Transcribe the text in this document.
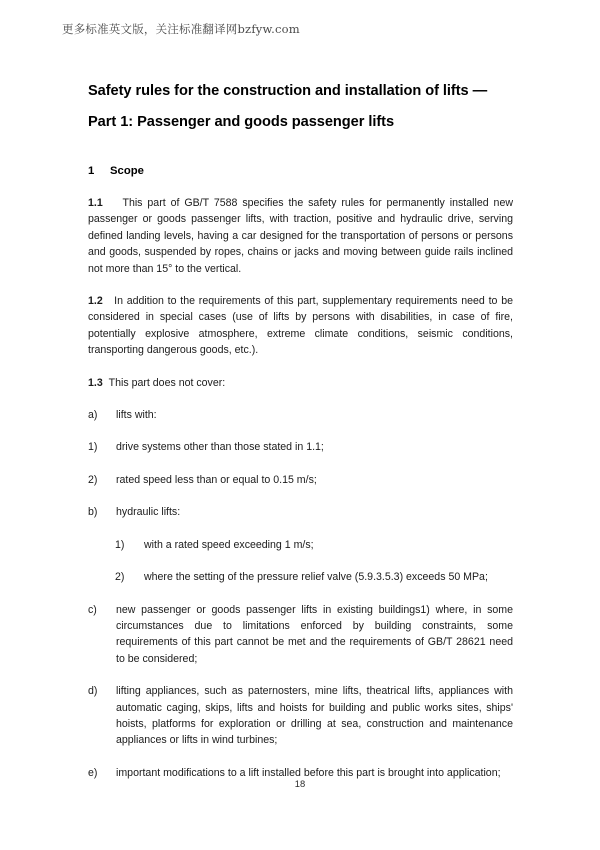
更多标准英文版，关注标准翻译网bzfyw.com
Safety rules for the construction and installation of lifts — Part 1: Passenger and goods passenger lifts
1 Scope

1.1 This part of GB/T 7588 specifies the safety rules for permanently installed new passenger or goods passenger lifts, with traction, positive and hydraulic drive, serving defined landing levels, having a car designed for the transportation of persons or persons and goods, suspended by ropes, chains or jacks and moving between guide rails inclined not more than 15° to the vertical.

1.2 In addition to the requirements of this part, supplementary requirements need to be considered in special cases (use of lifts by persons with disabilities, in case of fire, potentially explosive atmosphere, extreme climate conditions, seismic conditions, transporting dangerous goods, etc.).

1.3 This part does not cover:

a) lifts with:
1) drive systems other than those stated in 1.1;
2) rated speed less than or equal to 0.15 m/s;
b) hydraulic lifts:
1) with a rated speed exceeding 1 m/s;
2) where the setting of the pressure relief valve (5.9.3.5.3) exceeds 50 MPa;
c) new passenger or goods passenger lifts in existing buildings1) where, in some circumstances due to limitations enforced by building constraints, some requirements of this part cannot be met and the requirements of GB/T 28621 need to be considered;
d) lifting appliances, such as paternosters, mine lifts, theatrical lifts, appliances with automatic caging, skips, lifts and hoists for building and public works sites, ships' hoists, platforms for exploration or drilling at sea, construction and maintenance appliances or lifts in wind turbines;
e) important modifications to a lift installed before this part is brought into application;
18
